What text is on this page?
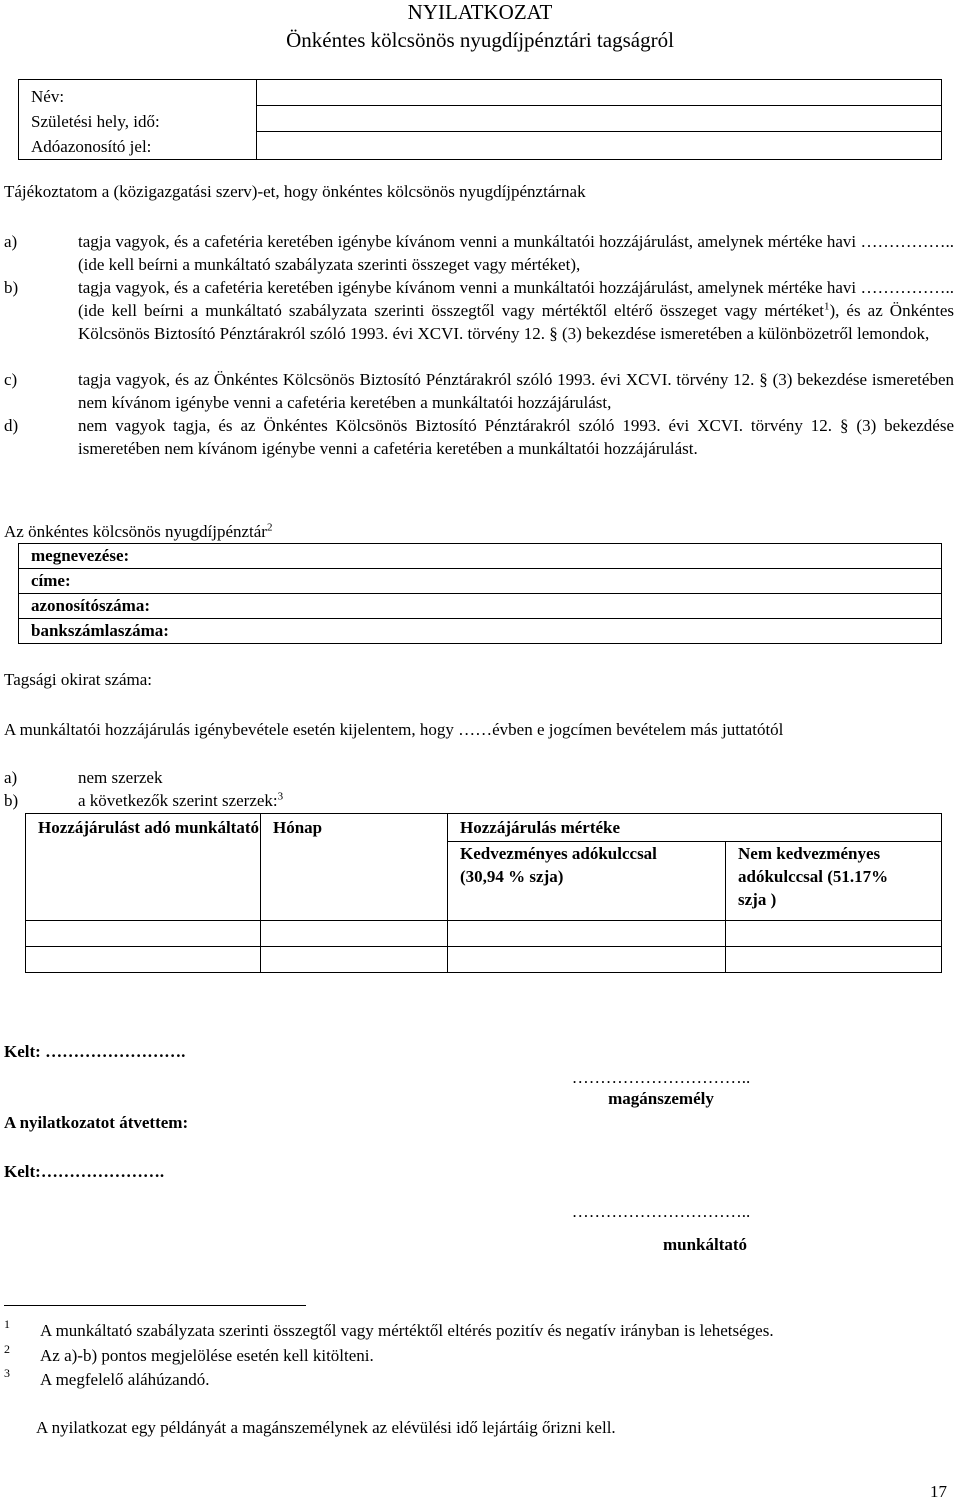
NYILATKOZAT
Önkéntes kölcsönös nyugdíjpénztári tagságról
Név:
Születési hely, idő:
Adóazonosító jel:

Tájékoztatom a (közigazgatási szerv)-et, hogy önkéntes kölcsönös nyugdíjpénztárnak
a)	tagja vagyok, és a cafetéria keretében igénybe kívánom venni a munkáltatói hozzájárulást, amelynek mértéke havi …………….. (ide kell beírni a munkáltató szabályzata szerinti összeget vagy mértéket),
b)	tagja vagyok, és a cafetéria keretében igénybe kívánom venni a munkáltatói hozzájárulást, amelynek mértéke havi …………….. (ide kell beírni a munkáltató szabályzata szerinti összegtől vagy mértéktől eltérő összeget vagy mértéket$^1$), és az Önkéntes Kölcsönös Biztosító Pénztárakról szóló 1993. évi XCVI. törvény 12. § (3) bekezdése ismeretében a különbözetről lemondok,
c)	tagja vagyok, és az Önkéntes Kölcsönös Biztosító Pénztárakról szóló 1993. évi XCVI. törvény 12. § (3) bekezdése ismeretében nem kívánom igénybe venni a cafetéria keretében a munkáltatói hozzájárulást,
d)	nem vagyok tagja, és az Önkéntes Kölcsönös Biztosító Pénztárakról szóló 1993. évi XCVI. törvény 12. § (3) bekezdése ismeretében nem kívánom igénybe venni a cafetéria keretében a munkáltatói hozzájárulást.
Az önkéntes kölcsönös nyugdíjpénztár$^2$
megnevezése:
címe:
azonosítószáma:
bankszámlaszáma:
Tagsági okirat száma:
A munkáltatói hozzájárulás igénybevétele esetén kijelentem, hogy ……évben e jogcímen bevételem más juttatótól
a)	nem szerzek
b)	a következők szerint szerzek:$^3$
Hozzájárulást adó munkáltató	Hónap	Hozzájárulás mértéke	
		Kedvezményes adókulccsal (30,94 % szja)	Nem kedvezményes adókulccsal (51.17% szja )

Kelt: …………………….
…………………………..
magánszemély
A nyilatkozatot átvettem:
Kelt:………………….
…………………………..
munkáltató
1 A munkáltató szabályzata szerinti összegtől vagy mértéktől eltérés pozitív és negatív irányban is lehetséges.
2 Az a)-b) pontos megjelölése esetén kell kitölteni.
3 A megfelelő aláhúzandó.
A nyilatkozat egy példányát a magánszemélynek az elévülési idő lejártáig őrizni kell.
17
